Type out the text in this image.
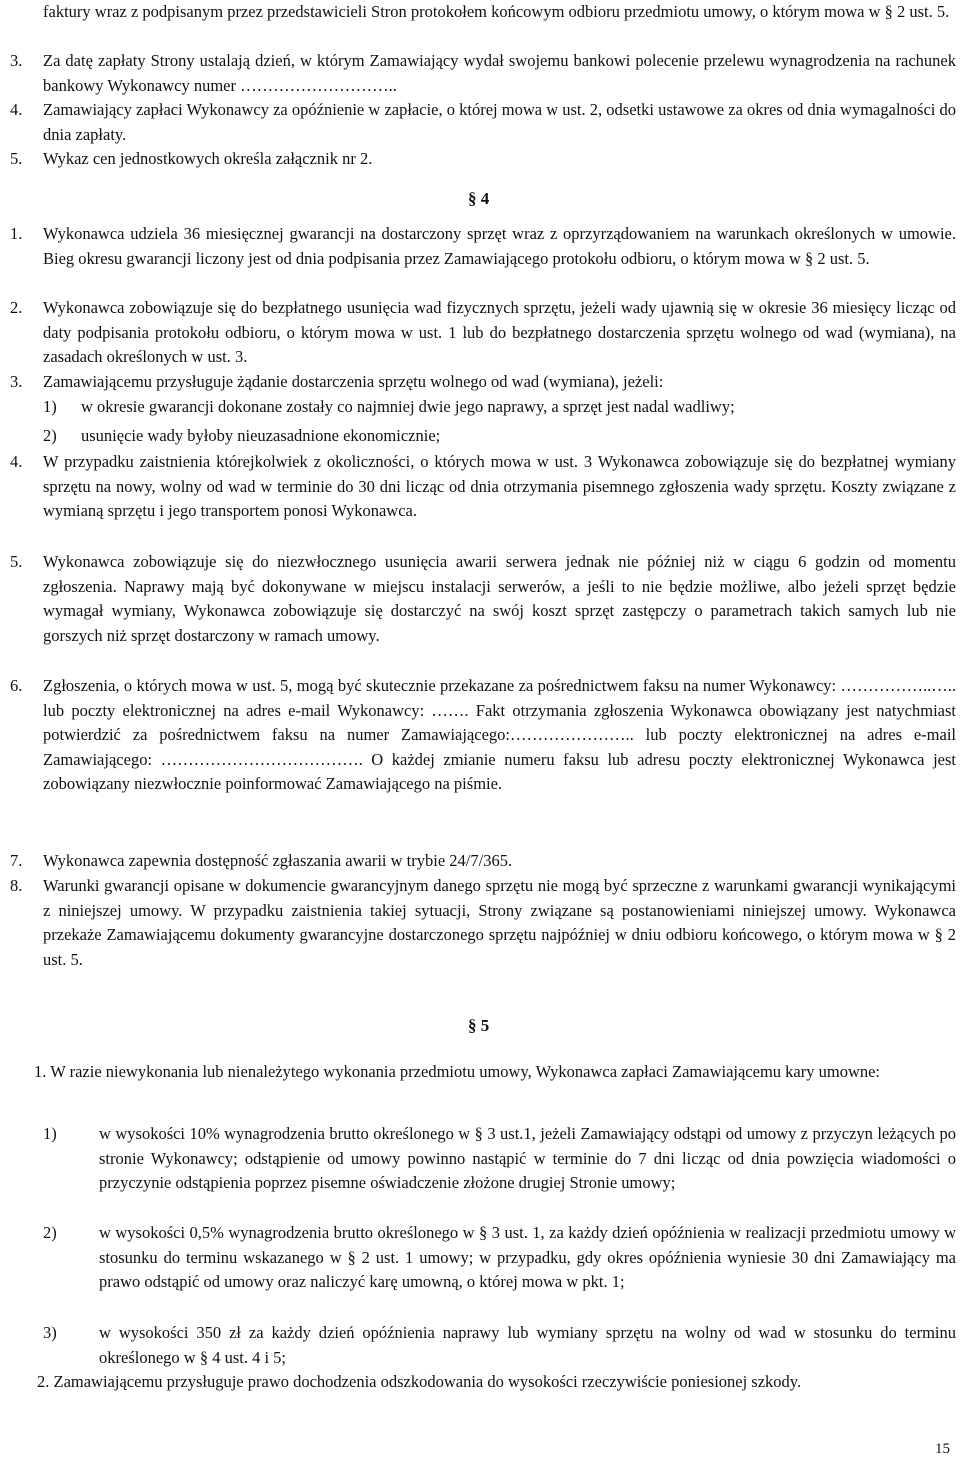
faktury wraz z podpisanym przez przedstawicieli Stron protokołem końcowym odbioru przedmiotu umowy, o którym mowa w § 2 ust. 5.
3. Za datę zapłaty Strony ustalają dzień, w którym Zamawiający wydał swojemu bankowi polecenie przelewu wynagrodzenia na rachunek bankowy Wykonawcy numer ………………………..
4. Zamawiający zapłaci Wykonawcy za opóźnienie w zapłacie, o której mowa w ust. 2, odsetki ustawowe za okres od dnia wymagalności do dnia zapłaty.
5. Wykaz cen jednostkowych określa załącznik nr 2.
§ 4
1. Wykonawca udziela 36 miesięcznej gwarancji na dostarczony sprzęt wraz z oprzyrządowaniem na warunkach określonych w umowie. Bieg okresu gwarancji liczony jest od dnia podpisania przez Zamawiającego protokołu odbioru, o którym mowa w § 2 ust. 5.
2. Wykonawca zobowiązuje się do bezpłatnego usunięcia wad fizycznych sprzętu, jeżeli wady ujawnią się w okresie 36 miesięcy licząc od daty podpisania protokołu odbioru, o którym mowa w ust. 1 lub do bezpłatnego dostarczenia sprzętu wolnego od wad (wymiana), na zasadach określonych w ust. 3.
3. Zamawiającemu przysługuje żądanie dostarczenia sprzętu wolnego od wad (wymiana), jeżeli:
1) w okresie gwarancji dokonane zostały co najmniej dwie jego naprawy, a sprzęt jest nadal wadliwy;
2) usunięcie wady byłoby nieuzasadnione ekonomicznie;
4. W przypadku zaistnienia którejkolwiek z okoliczności, o których mowa w ust. 3 Wykonawca zobowiązuje się do bezpłatnej wymiany sprzętu na nowy, wolny od wad w terminie do 30 dni licząc od dnia otrzymania pisemnego zgłoszenia wady sprzętu. Koszty związane z wymianą sprzętu i jego transportem ponosi Wykonawca.
5. Wykonawca zobowiązuje się do niezwłocznego usunięcia awarii serwera jednak nie później niż w ciągu 6 godzin od momentu zgłoszenia. Naprawy mają być dokonywane w miejscu instalacji serwerów, a jeśli to nie będzie możliwe, albo jeżeli sprzęt będzie wymagał wymiany, Wykonawca zobowiązuje się dostarczyć na swój koszt sprzęt zastępczy o parametrach takich samych lub nie gorszych niż sprzęt dostarczony w ramach umowy.
6. Zgłoszenia, o których mowa w ust. 5, mogą być skutecznie przekazane za pośrednictwem faksu na numer Wykonawcy: ……………..….. lub poczty elektronicznej na adres e-mail Wykonawcy: ……. Fakt otrzymania zgłoszenia Wykonawca obowiązany jest natychmiast potwierdzić za pośrednictwem faksu na numer Zamawiającego:………………….. lub poczty elektronicznej na adres e-mail Zamawiającego: ………………………………. O każdej zmianie numeru faksu lub adresu poczty elektronicznej Wykonawca jest zobowiązany niezwłocznie poinformować Zamawiającego na piśmie.
7. Wykonawca zapewnia dostępność zgłaszania awarii w trybie 24/7/365.
8. Warunki gwarancji opisane w dokumencie gwarancyjnym danego sprzętu nie mogą być sprzeczne z warunkami gwarancji wynikającymi z niniejszej umowy. W przypadku zaistnienia takiej sytuacji, Strony związane są postanowieniami niniejszej umowy. Wykonawca przekaże Zamawiającemu dokumenty gwarancyjne dostarczonego sprzętu najpóźniej w dniu odbioru końcowego, o którym mowa w § 2 ust. 5.
§ 5
1. W razie niewykonania lub nienależytego wykonania przedmiotu umowy, Wykonawca zapłaci Zamawiającemu kary umowne:
1)	w wysokości 10% wynagrodzenia brutto określonego w § 3 ust.1, jeżeli Zamawiający odstąpi od umowy z przyczyn leżących po stronie Wykonawcy; odstąpienie od umowy powinno nastąpić w terminie do 7 dni licząc od dnia powzięcia wiadomości o przyczynie odstąpienia poprzez pisemne oświadczenie złożone drugiej Stronie umowy;
2)	w wysokości 0,5% wynagrodzenia brutto określonego w § 3 ust. 1, za każdy dzień opóźnienia w realizacji przedmiotu umowy w stosunku do terminu wskazanego w § 2 ust. 1 umowy; w przypadku, gdy okres opóźnienia wyniesie 30 dni Zamawiający ma prawo odstąpić od umowy oraz naliczyć karę umowną, o której mowa w pkt. 1;
3)	w wysokości 350 zł za każdy dzień opóźnienia naprawy lub wymiany sprzętu na wolny od wad w stosunku do terminu określonego w § 4 ust. 4 i 5;
2. Zamawiającemu przysługuje prawo dochodzenia odszkodowania do wysokości rzeczywiście poniesionej szkody.
15
